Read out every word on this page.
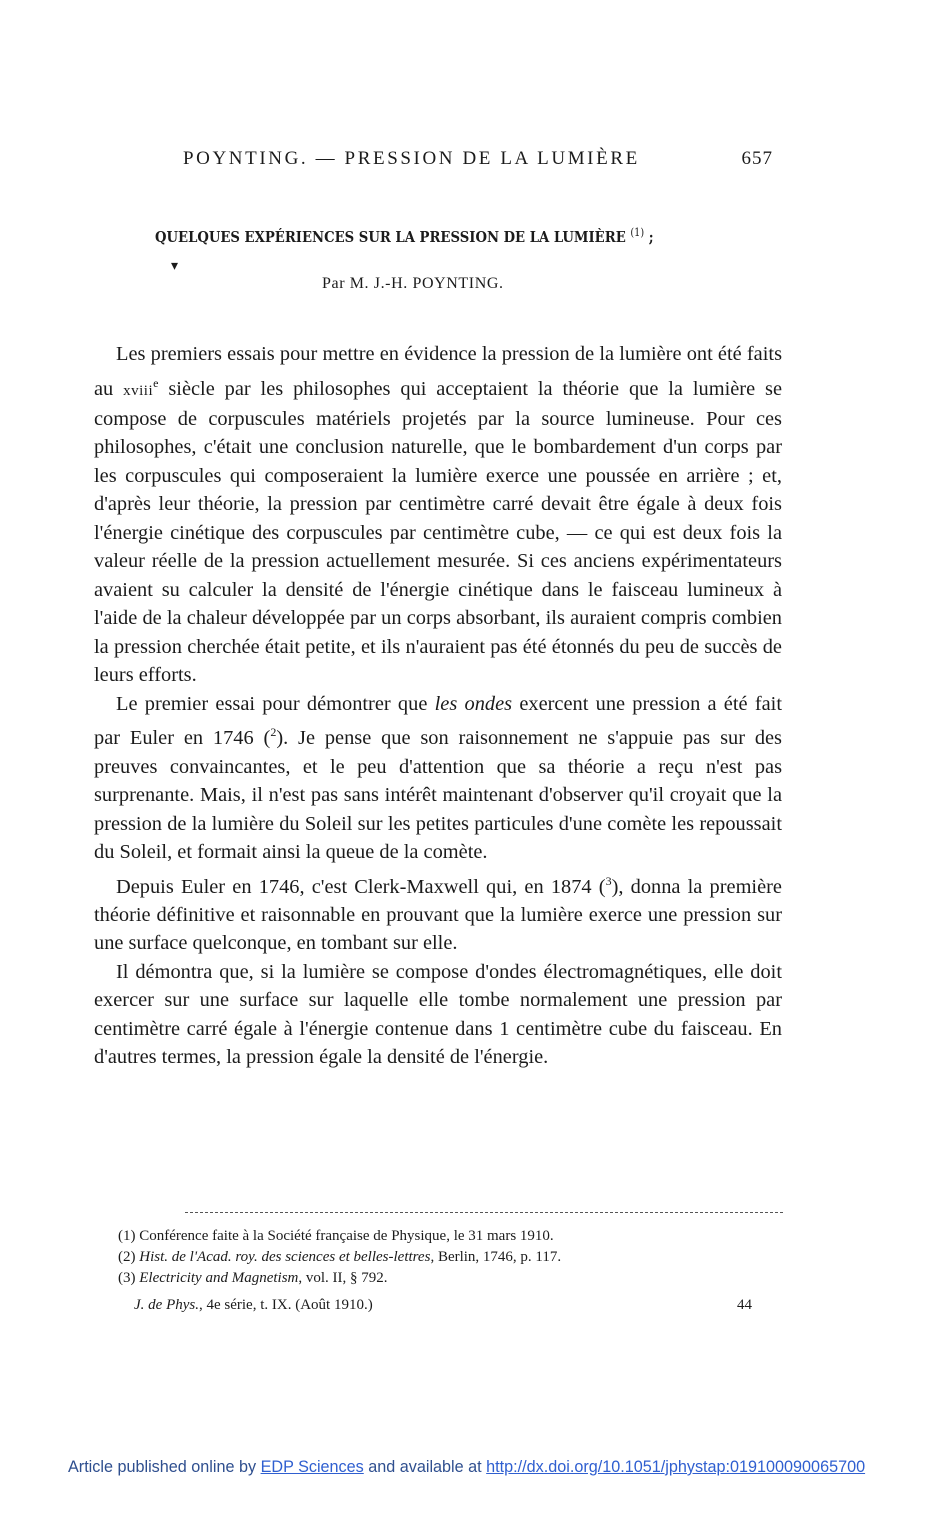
POYNTING. — PRESSION DE LA LUMIÈRE	657
QUELQUES EXPÉRIENCES SUR LA PRESSION DE LA LUMIÈRE $^{(1)}$ ;
▾
Par M. J.-H. POYNTING.

Les premiers essais pour mettre en évidence la pression de la lumière ont été faits au xviii$^e$ siècle par les philosophes qui acceptaient la théorie que la lumière se compose de corpuscules matériels projetés par la source lumineuse. Pour ces philosophes, c'était une conclusion naturelle, que le bombardement d'un corps par les corpuscules qui composeraient la lumière exerce une poussée en arrière ; et, d'après leur théorie, la pression par centimètre carré devait être égale à deux fois l'énergie cinétique des corpuscules par centimètre cube, — ce qui est deux fois la valeur réelle de la pression actuellement mesurée. Si ces anciens expérimentateurs avaient su calculer la densité de l'énergie cinétique dans le faisceau lumineux à l'aide de la chaleur développée par un corps absorbant, ils auraient compris combien la pression cherchée était petite, et ils n'auraient pas été étonnés du peu de succès de leurs efforts.

Le premier essai pour démontrer que les ondes exercent une pression a été fait par Euler en 1746 ($^2$). Je pense que son raisonnement ne s'appuie pas sur des preuves convaincantes, et le peu d'attention que sa théorie a reçu n'est pas surprenante. Mais, il n'est pas sans intérêt maintenant d'observer qu'il croyait que la pression de la lumière du Soleil sur les petites particules d'une comète les repoussait du Soleil, et formait ainsi la queue de la comète.

Depuis Euler en 1746, c'est Clerk-Maxwell qui, en 1874 ($^3$), donna la première théorie définitive et raisonnable en prouvant que la lumière exerce une pression sur une surface quelconque, en tombant sur elle.

Il démontra que, si la lumière se compose d'ondes électromagnétiques, elle doit exercer sur une surface sur laquelle elle tombe normalement une pression par centimètre carré égale à l'énergie contenue dans 1 centimètre cube du faisceau. En d'autres termes, la pression égale la densité de l'énergie.

(1) Conférence faite à la Société française de Physique, le 31 mars 1910.
(2) Hist. de l'Acad. roy. des sciences et belles-lettres, Berlin, 1746, p. 117.
(3) Electricity and Magnetism, vol. II, § 792.
J. de Phys., 4e série, t. IX. (Août 1910.)	44
Article published online by EDP Sciences and available at http://dx.doi.org/10.1051/jphystap:019100090065700
